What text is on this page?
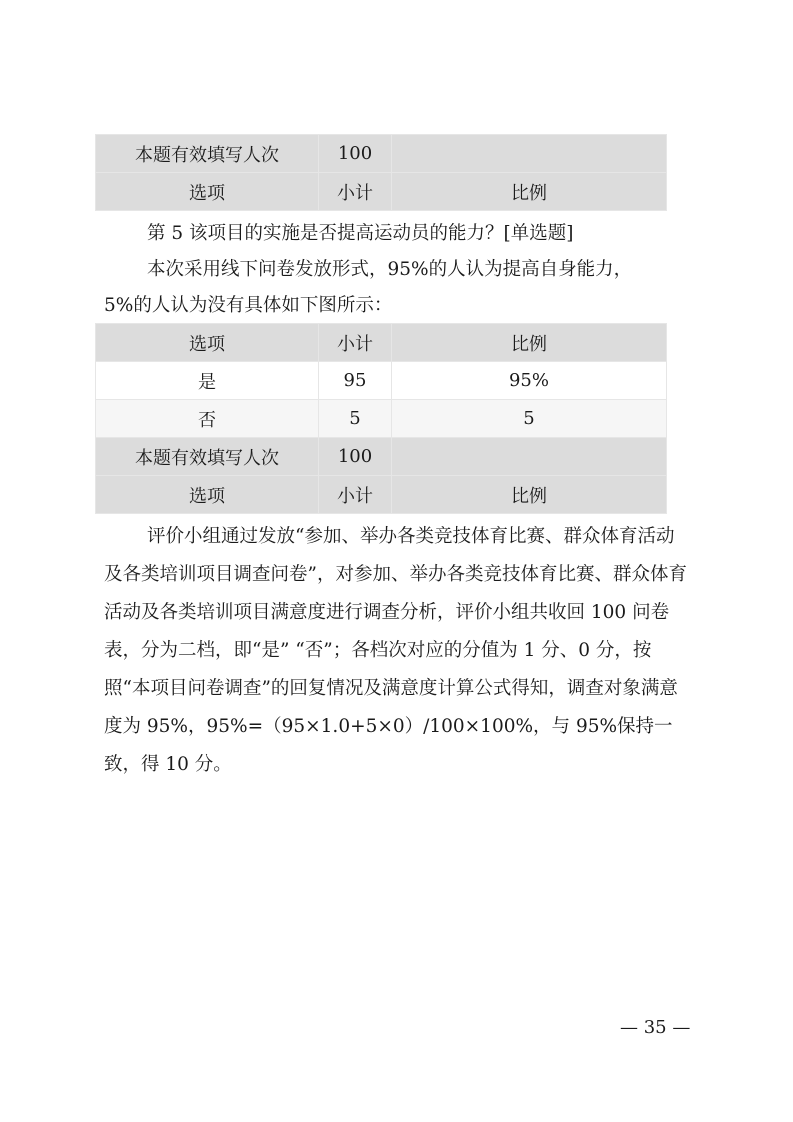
本题有效填写人次	100	
选项	小计	比例
第 5 该项目的实施是否提高运动员的能力？[单选题]
本次采用线下问卷发放形式，95%的人认为提高自身能力，
5%的人认为没有具体如下图所示：
选项	小计	比例
是	95	95%
否	5	5
本题有效填写人次	100	
选项	小计	比例

评价小组通过发放“参加、举办各类竞技体育比赛、群众体育活动及各类培训项目调查问卷”，对参加、举办各类竞技体育比赛、群众体育活动及各类培训项目满意度进行调查分析，评价小组共收回 100 问卷表，分为二档，即“是” “否”；各档次对应的分值为 1 分、0 分，按照“本项目问卷调查”的回复情况及满意度计算公式得知，调查对象满意度为 95%，95%=（95×1.0+5×0）/100×100%，与 95%保持一致，得 10 分。

— 35 —
